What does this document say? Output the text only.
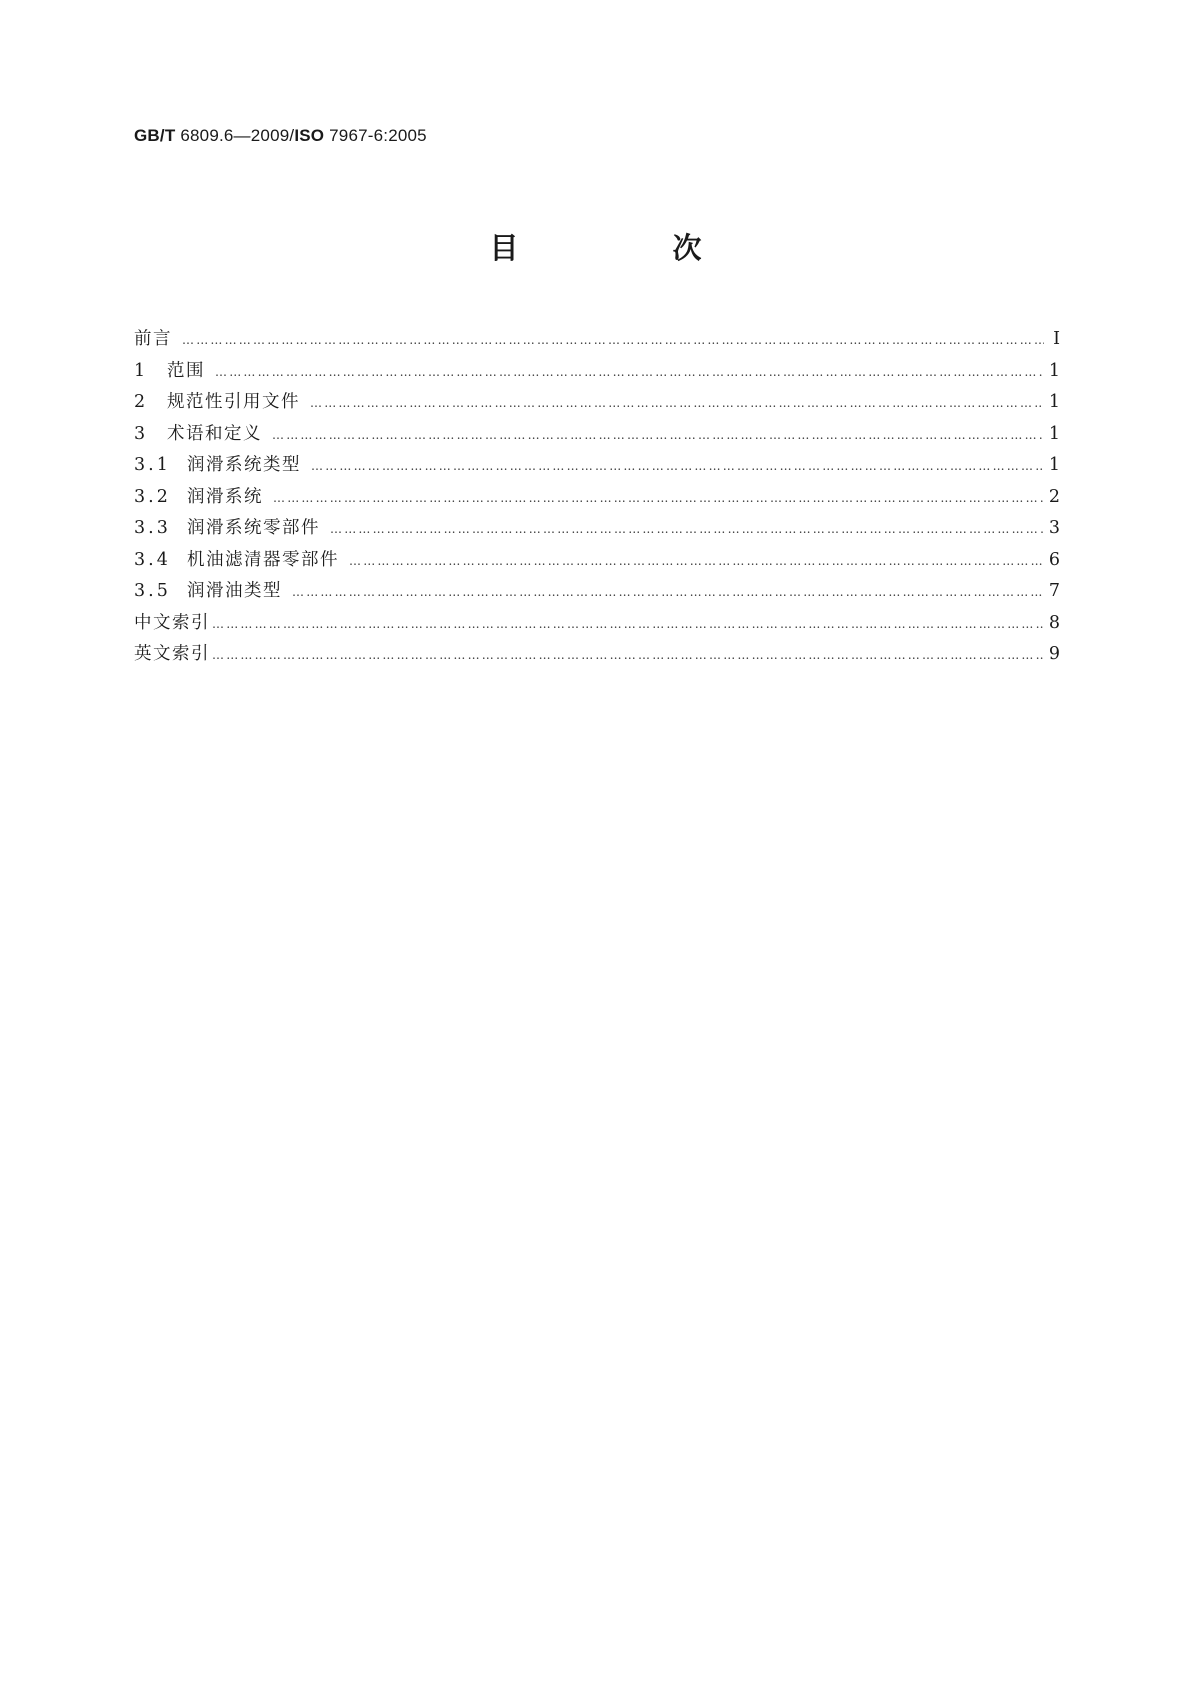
GB/T 6809.6—2009/ISO 7967-6:2005
目 次
前言 …………………………………………………………………………………………………………………………………………………………………………………………………………………………………………………………………………………………	Ⅰ
1	范围 …………………………………………………………………………………………………………………………………………………………………………………………………………………………………………………………………………………………	1
2	规范性引用文件 …………………………………………………………………………………………………………………………………………………………………………………………………………………………………………………………………………………………	1
3	术语和定义 …………………………………………………………………………………………………………………………………………………………………………………………………………………………………………………………………………………………	1
3.1 润滑系统类型 …………………………………………………………………………………………………………………………………………………………………………………………………………………………………………………………………………………………	1
3.2 润滑系统 …………………………………………………………………………………………………………………………………………………………………………………………………………………………………………………………………………………………	2
3.3 润滑系统零部件 …………………………………………………………………………………………………………………………………………………………………………………………………………………………………………………………………………………………	3
3.4 机油滤清器零部件 …………………………………………………………………………………………………………………………………………………………………………………………………………………………………………………………………………………………	6
3.5 润滑油类型 …………………………………………………………………………………………………………………………………………………………………………………………………………………………………………………………………………………………	7
中文索引 …………………………………………………………………………………………………………………………………………………………………………………………………………………………………………………………………………………………	8
英文索引 …………………………………………………………………………………………………………………………………………………………………………………………………………………………………………………………………………………………	9
